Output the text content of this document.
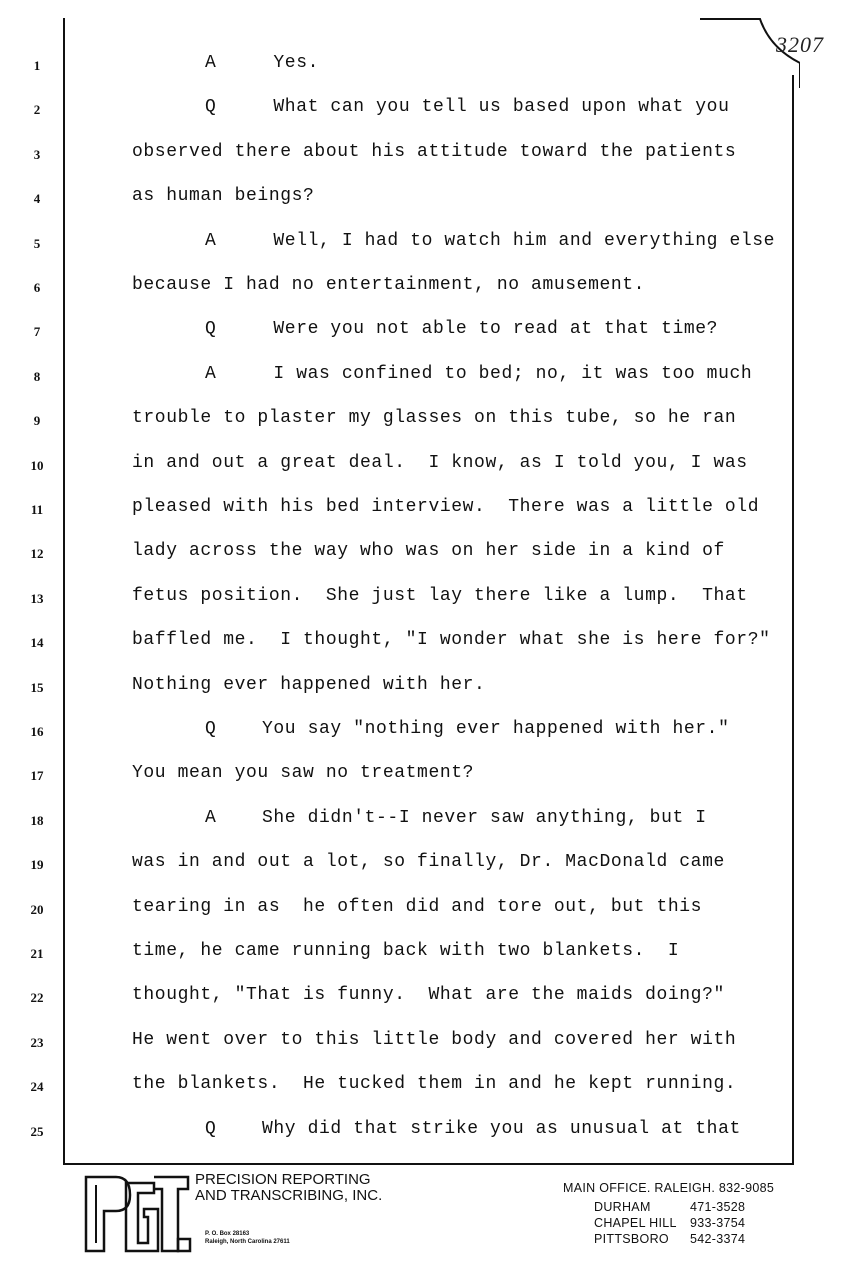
3207
1
2
3
4
5
6
7
8
9
10
11
12
13
14
15
16
17
18
19
20
21
22
23
24
25
A     Yes.
Q     What can you tell us based upon what you
observed there about his attitude toward the patients
as human beings?
A     Well, I had to watch him and everything else
because I had no entertainment, no amusement.
Q     Were you not able to read at that time?
A     I was confined to bed; no, it was too much
trouble to plaster my glasses on this tube, so he ran
in and out a great deal.  I know, as I told you, I was
pleased with his bed interview.  There was a little old
lady across the way who was on her side in a kind of
fetus position.  She just lay there like a lump.  That
baffled me.  I thought, "I wonder what she is here for?"
Nothing ever happened with her.
Q    You say "nothing ever happened with her."
You mean you saw no treatment?
A    She didn't--I never saw anything, but I
was in and out a lot, so finally, Dr. MacDonald came
tearing in as  he often did and tore out, but this
time, he came running back with two blankets.  I
thought, "That is funny.  What are the maids doing?"
He went over to this little body and covered her with
the blankets.  He tucked them in and he kept running.
Q    Why did that strike you as unusual at that
PRECISION REPORTING
AND TRANSCRIBING, INC.
P. O. Box 28163
Raleigh, North Carolina 27611
MAIN OFFICE. RALEIGH. 832-9085
DURHAM	471-3528
CHAPEL HILL 933-3754
PITTSBORO 542-3374
